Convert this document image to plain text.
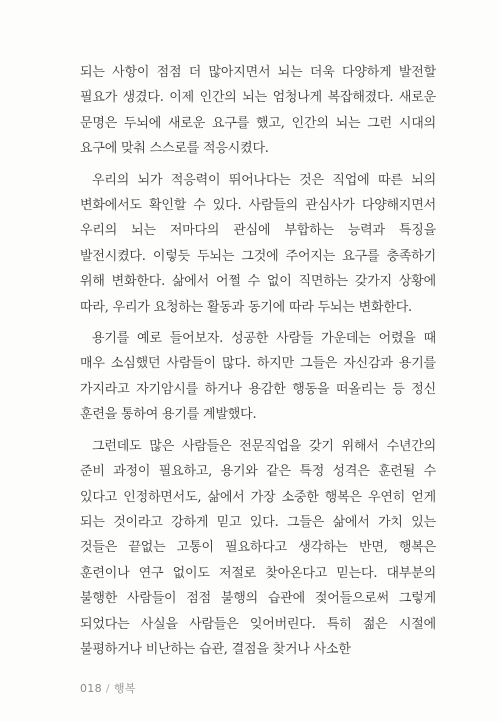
되는 사항이 점점 더 많아지면서 뇌는 더욱 다양하게 발전할 필요가 생겼다. 이제 인간의 뇌는 엄청나게 복잡해졌다. 새로운 문명은 두뇌에 새로운 요구를 했고, 인간의 뇌는 그런 시대의 요구에 맞춰 스스로를 적응시켰다.

우리의 뇌가 적응력이 뛰어나다는 것은 직업에 따른 뇌의 변화에서도 확인할 수 있다. 사람들의 관심사가 다양해지면서 우리의 뇌는 저마다의 관심에 부합하는 능력과 특징을 발전시켰다. 이렇듯 두뇌는 그것에 주어지는 요구를 충족하기 위해 변화한다. 삶에서 어쩔 수 없이 직면하는 갖가지 상황에 따라, 우리가 요청하는 활동과 동기에 따라 두뇌는 변화한다.

용기를 예로 들어보자. 성공한 사람들 가운데는 어렸을 때 매우 소심했던 사람들이 많다. 하지만 그들은 자신감과 용기를 가지라고 자기암시를 하거나 용감한 행동을 떠올리는 등 정신 훈련을 통하여 용기를 계발했다.

그런데도 많은 사람들은 전문직업을 갖기 위해서 수년간의 준비 과정이 필요하고, 용기와 같은 특정 성격은 훈련될 수 있다고 인정하면서도, 삶에서 가장 소중한 행복은 우연히 얻게 되는 것이라고 강하게 믿고 있다. 그들은 삶에서 가치 있는 것들은 끝없는 고통이 필요하다고 생각하는 반면, 행복은 훈련이나 연구 없이도 저절로 찾아온다고 믿는다. 대부분의 불행한 사람들이 점점 불행의 습관에 젖어들으로써 그렇게 되었다는 사실을 사람들은 잊어버린다. 특히 젊은 시절에 불평하거나 비난하는 습관, 결점을 찾거나 사소한

018 / 행복
